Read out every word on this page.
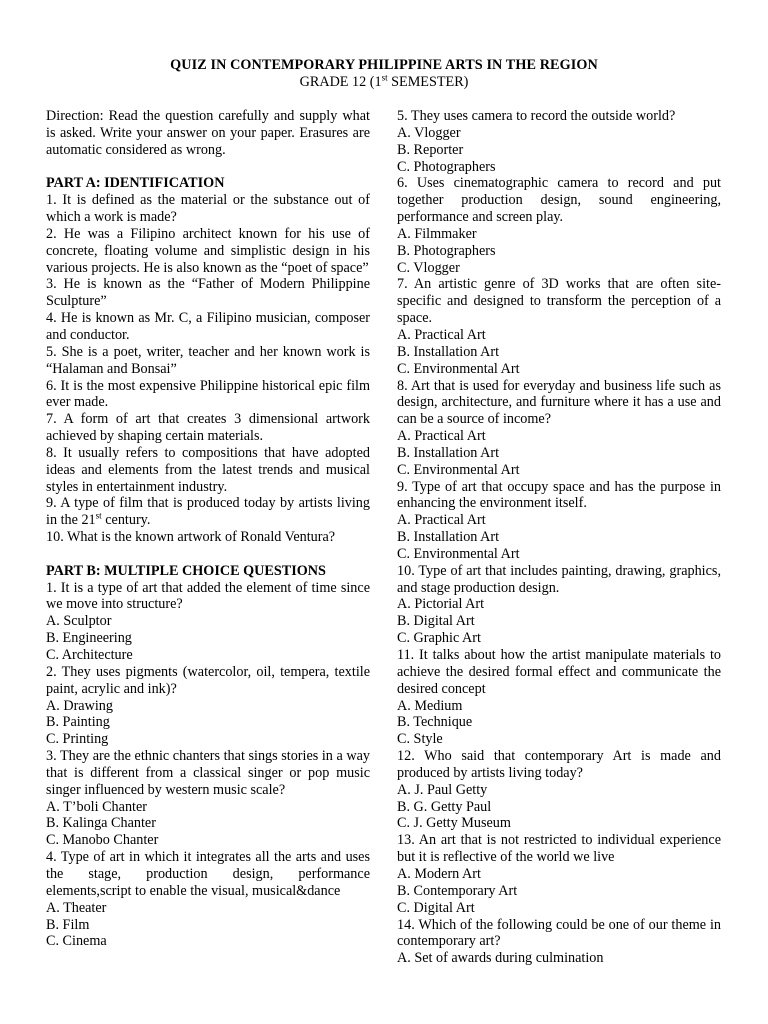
QUIZ IN CONTEMPORARY PHILIPPINE ARTS IN THE REGION
GRADE 12 (1st SEMESTER)

Direction: Read the question carefully and supply what is asked. Write your answer on your paper. Erasures are automatic considered as wrong.

PART A: IDENTIFICATION

1. It is defined as the material or the substance out of which a work is made?

2. He was a Filipino architect known for his use of concrete, floating volume and simplistic design in his various projects. He is also known as the “poet of space”

3. He is known as the “Father of Modern Philippine Sculpture”

4. He is known as Mr. C, a Filipino musician, composer and conductor.

5. She is a poet, writer, teacher and her known work is “Halaman and Bonsai”

6. It is the most expensive Philippine historical epic film ever made.

7. A form of art that creates 3 dimensional artwork achieved by shaping certain materials.

8. It usually refers to compositions that have adopted ideas and elements from the latest trends and musical styles in entertainment industry.

9. A type of film that is produced today by artists living in the 21st century.

10. What is the known artwork of Ronald Ventura?

PART B: MULTIPLE CHOICE QUESTIONS

1. It is a type of art that added the element of time since we move into structure?

A. Sculptor
B. Engineering
C. Architecture

2. They uses pigments (watercolor, oil, tempera, textile paint, acrylic and ink)?

A. Drawing
B. Painting
C. Printing

3. They are the ethnic chanters that sings stories in a way that is different from a classical singer or pop music singer influenced by western music scale?

A. T’boli Chanter
B. Kalinga Chanter
C. Manobo Chanter

4. Type of art in which it integrates all the arts and uses the stage, production design, performance elements,script to enable the visual, musical&dance

A. Theater
B. Film
C. Cinema

5. They uses camera to record the outside world?

A. Vlogger
B. Reporter
C. Photographers

6. Uses cinematographic camera to record and put together production design, sound engineering, performance and screen play.

A. Filmmaker
B. Photographers
C. Vlogger

7. An artistic genre of 3D works that are often site-specific and designed to transform the perception of a space.

A. Practical Art
B. Installation Art
C. Environmental Art

8. Art that is used for everyday and business life such as design, architecture, and furniture where it has a use and can be a source of income?

A. Practical Art
B. Installation Art
C. Environmental Art

9. Type of art that occupy space and has the purpose in enhancing the environment itself.

A. Practical Art
B. Installation Art
C. Environmental Art

10. Type of art that includes painting, drawing, graphics, and stage production design.

A. Pictorial Art
B. Digital Art
C. Graphic Art

11. It talks about how the artist manipulate materials to achieve the desired formal effect and communicate the desired concept

A. Medium
B. Technique
C. Style

12. Who said that contemporary Art is made and produced by artists living today?

A. J. Paul Getty
B. G. Getty Paul
C. J. Getty Museum

13. An art that is not restricted to individual experience but it is reflective of the world we live

A. Modern Art
B. Contemporary Art
C. Digital Art

14. Which of the following could be one of our theme in contemporary art?

A. Set of awards during culmination
